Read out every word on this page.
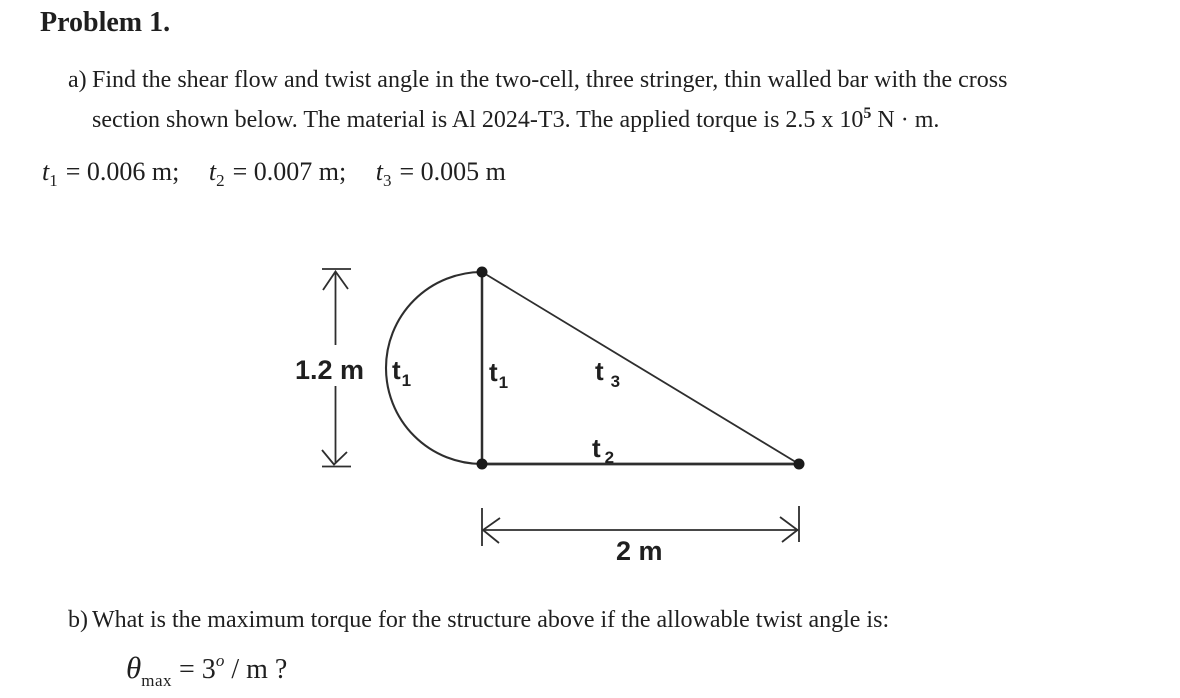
Problem 1.
a) Find the shear flow and twist angle in the two-cell, three stringer, thin walled bar with the cross
section shown below. The material is Al 2024-T3. The applied torque is 2.5 x $10^5$ N · m.
$t_1 = 0.006$ m; $t_2 = 0.007$ m; $t_3 = 0.005$ m
1.2 m
2 m
$t_1$	$t_1$	t $_3$
t $_2$
b) What is the maximum torque for the structure above if the allowable twist angle is:
$\theta_{max} = 3^o / m$ ?
